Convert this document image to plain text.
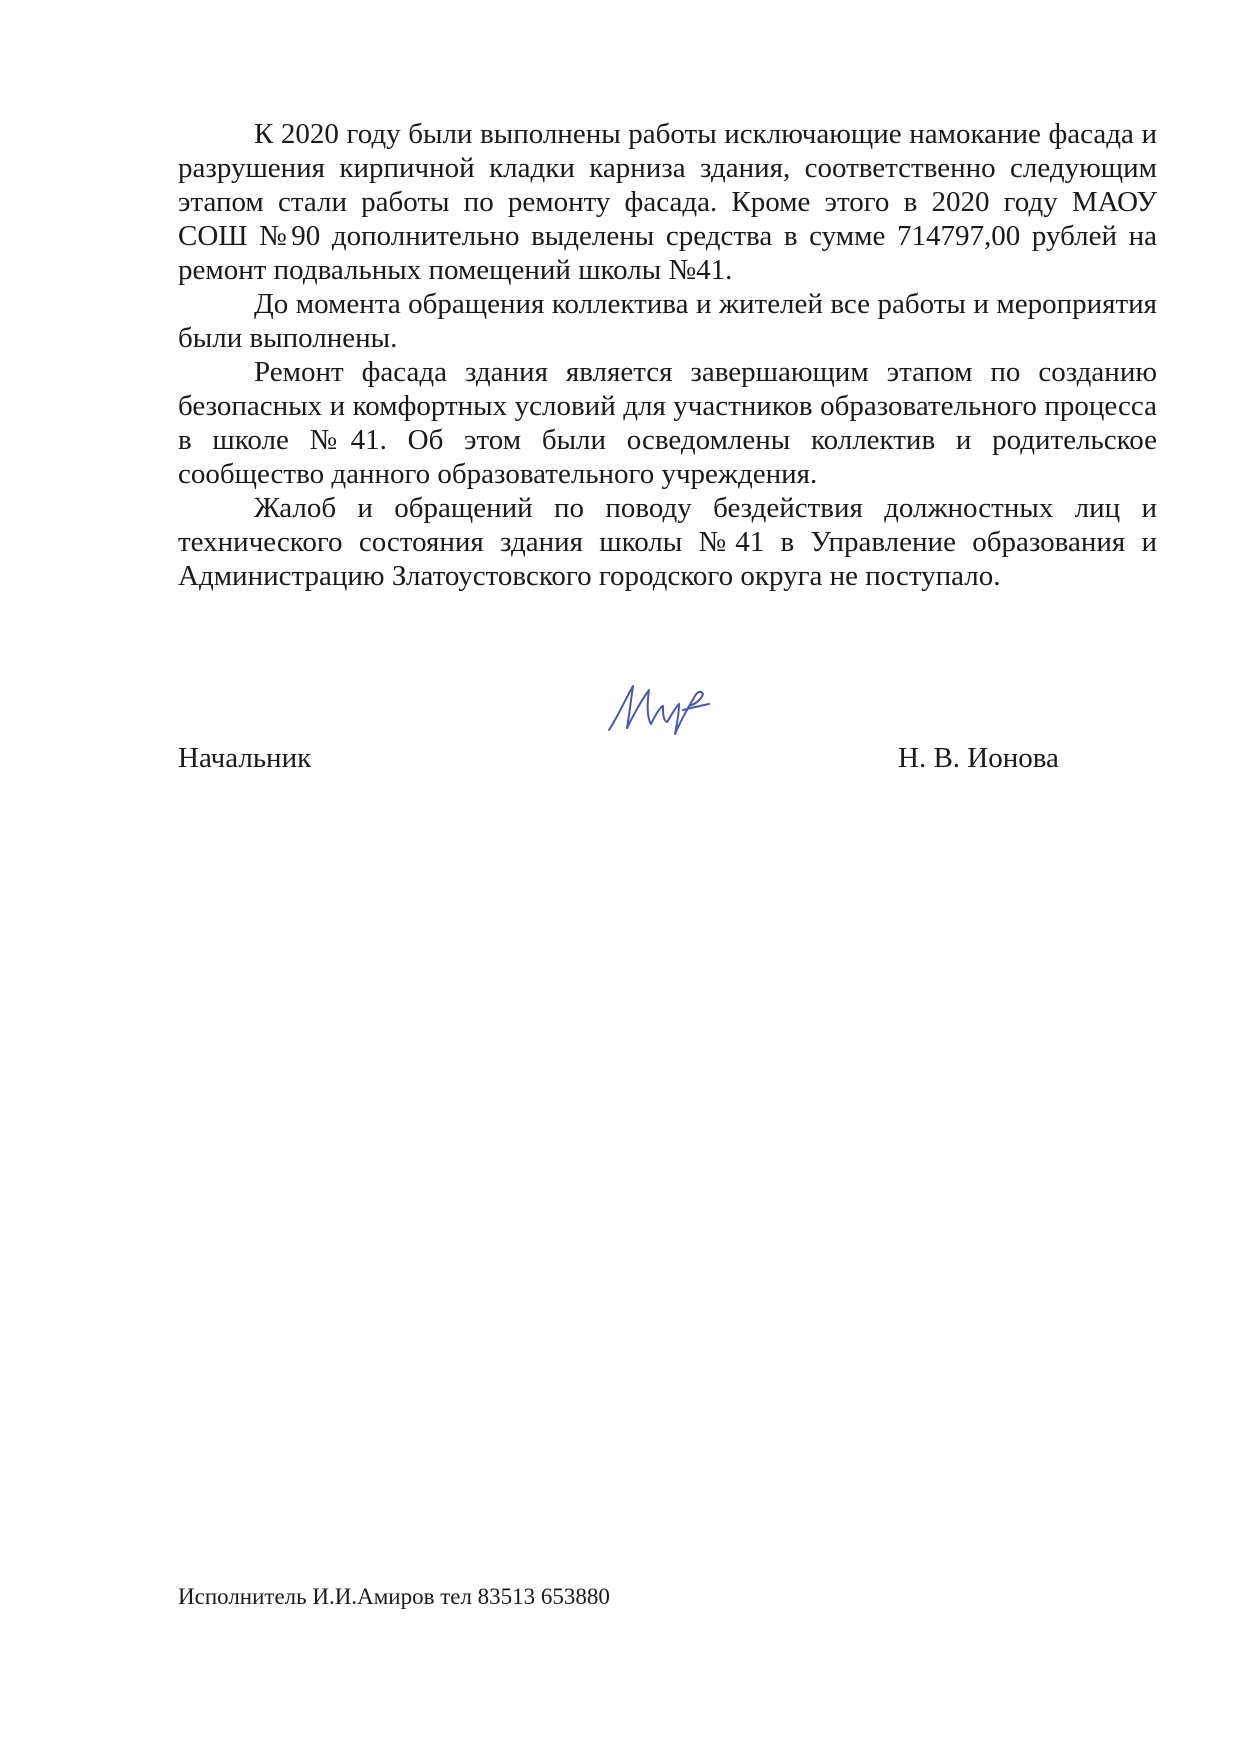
К 2020 году были выполнены работы исключающие намокание фасада и разрушения кирпичной кладки карниза здания, соответственно следующим этапом стали работы по ремонту фасада. Кроме этого в 2020 году МАОУ СОШ №90 дополнительно выделены средства в сумме 714797,00 рублей на ремонт подвальных помещений школы №41.

До момента обращения коллектива и жителей все работы и мероприятия были выполнены.

Ремонт фасада здания является завершающим этапом по созданию безопасных и комфортных условий для участников образовательного процесса в школе №41. Об этом были осведомлены коллектив и родительское сообщество данного образовательного учреждения.

Жалоб и обращений по поводу бездействия должностных лиц и технического состояния здания школы №41 в Управление образования и Администрацию Златоустовского городского округа не поступало.

Начальник	Н. В. Ионова
Исполнитель И.И.Амиров тел 83513 653880
